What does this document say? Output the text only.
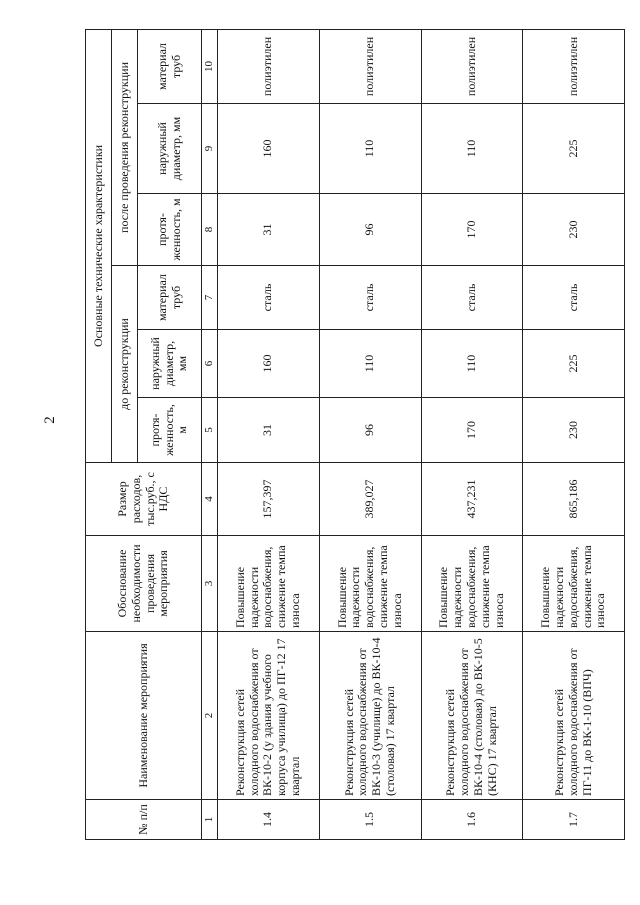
2
№ п/п	Наименование мероприятия	Обоснование необходимости проведения мероприятия	Размер расходов, тыс.руб., с НДС	Основные технические характеристики					
				до реконструкции			после проведения реконструкции		
				протя-женность, м	наружный диаметр, мм	материал труб	протя-женность, м	наружный диаметр, мм	материал труб
1	2	3	4	5	6	7	8	9	10
1.4	Реконструкция сетей холодного водоснабжения от ВК-10-2 (у здания учебного корпуса училища) до ПГ-12 17 квартал	Повышение надежности водоснабжения, снижение темпа износа	157,397	31	160	сталь	31	160	полиэтилен
1.5	Реконструкция сетей холодного водоснабжения от ВК-10-3 (училище) до ВК-10-4 (столовая) 17 квартал	Повышение надежности водоснабжения, снижение темпа износа	389,027	96	110	сталь	96	110	полиэтилен
1.6	Реконструкция сетей холодного водоснабжения от ВК-10-4 (столовая) до ВК-10-5 (КНС) 17 квартал	Повышение надежности водоснабжения, снижение темпа износа	437,231	170	110	сталь	170	110	полиэтилен
1.7	Реконструкция сетей холодного водоснабжения от ПГ-11 до ВК-1-10 (ВПЧ)	Повышение надежности водоснабжения, снижение темпа износа	865,186	230	225	сталь	230	225	полиэтилен
